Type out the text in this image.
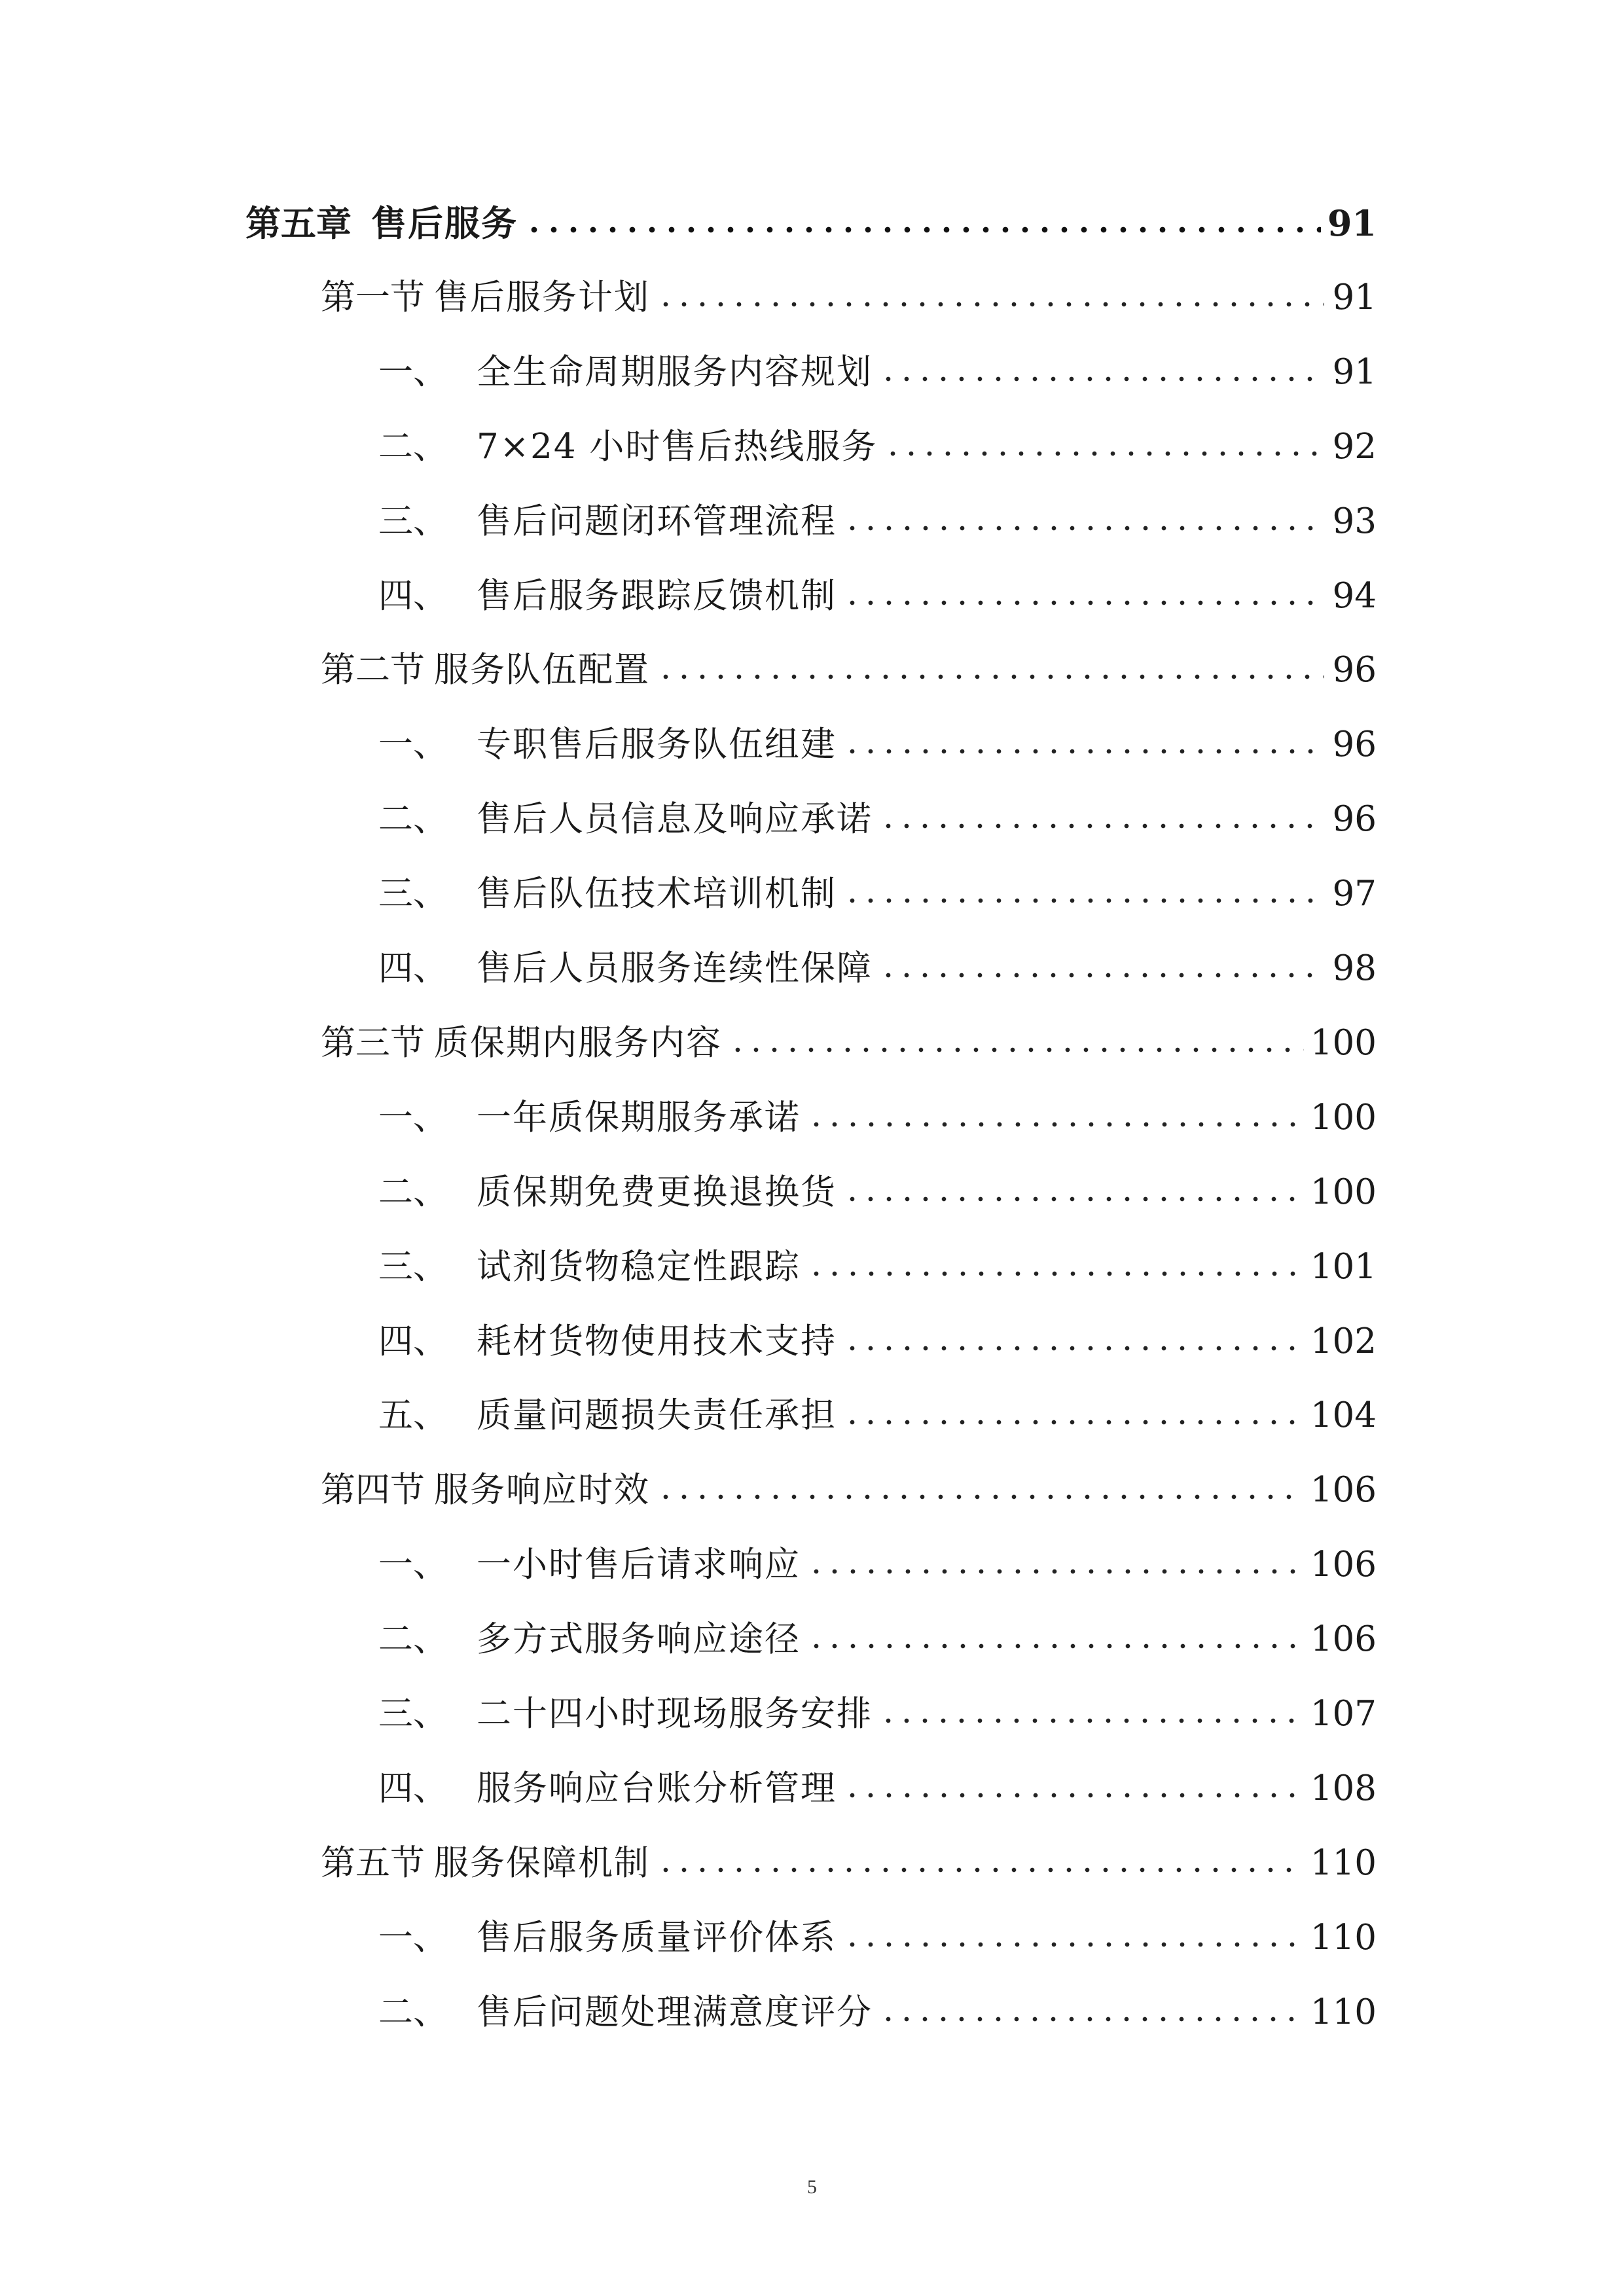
第五章 售后服务	91
第一节 售后服务计划	91
一、 全生命周期服务内容规划	91
二、 7×24 小时售后热线服务	92
三、 售后问题闭环管理流程	93
四、 售后服务跟踪反馈机制	94
第二节 服务队伍配置	96
一、 专职售后服务队伍组建	96
二、 售后人员信息及响应承诺	96
三、 售后队伍技术培训机制	97
四、 售后人员服务连续性保障	98
第三节 质保期内服务内容	100
一、 一年质保期服务承诺	100
二、 质保期免费更换退换货	100
三、 试剂货物稳定性跟踪	101
四、 耗材货物使用技术支持	102
五、 质量问题损失责任承担	104
第四节 服务响应时效	106
一、 一小时售后请求响应	106
二、 多方式服务响应途径	106
三、 二十四小时现场服务安排	107
四、 服务响应台账分析管理	108
第五节 服务保障机制	110
一、 售后服务质量评价体系	110
二、 售后问题处理满意度评分	110
5
